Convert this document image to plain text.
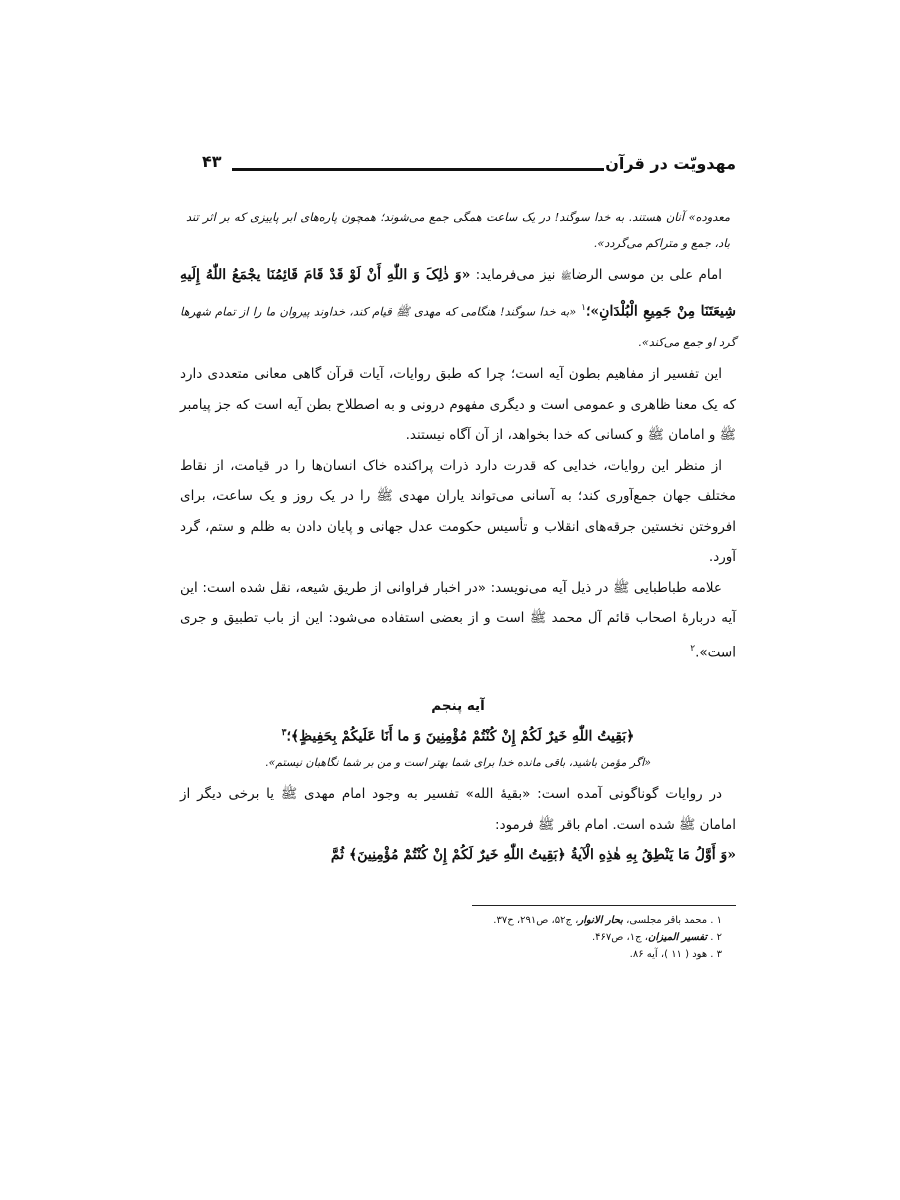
مهدویّت در قرآن
۴۳

معدوده» آنان هستند. به خدا سوگند! در یک ساعت همگی جمع می‌شوند؛ همچون پاره‌های ابر پاییزی که بر اثر تند باد، جمع و متراکم می‌گردد».

امام علی بن موسی الرضاﷺ نیز می‌فرماید: «وَ ذٰلِکَ وَ اللّٰهِ أَنْ لَوْ قَدْ قَامَ قَائِمُنَا یجْمَعُ اللّٰهُ إِلَیهِ شِیعَتَنَا مِنْ جَمِیعِ الْبُلْدَانِ»؛$^۱$ «به خدا سوگند! هنگامی که مهدی ﷺ قیام کند، خداوند پیروان ما را از تمام شهرها گرد او جمع می‌کند».

این تفسیر از مفاهیم بطون آیه است؛ چرا که طبق روایات، آیات قرآن گاهی معانی متعددی دارد که یک معنا ظاهری و عمومی است و دیگری مفهوم درونی و به اصطلاح بطن آیه است که جز پیامبر ﷺ و امامان ﷺ و کسانی که خدا بخواهد، از آن آگاه نیستند.

از منظر این روایات، خدایی که قدرت دارد ذرات پراکنده خاک انسان‌ها را در قیامت، از نقاط مختلف جهان جمع‌آوری کند؛ به آسانی می‌تواند یاران مهدی ﷺ را در یک روز و یک ساعت، برای افروختن نخستین جرقه‌های انقلاب و تأسیس حکومت عدل جهانی و پایان دادن به ظلم و ستم، گرد آورد.

علامه طباطبایی ﷺ در ذیل آیه می‌نویسد: «در اخبار فراوانی از طریق شیعه، نقل شده است: این آیه دربارهٔ اصحاب قائم آل محمد ﷺ است و از بعضی استفاده می‌شود: این از باب تطبیق و جری است».$^۲$

آیه پنجم

﴿بَقِیتُ اللّٰهِ خَیرٌ لَکُمْ إِنْ کُنْتُمْ مُؤْمِنِینَ وَ ما أَنَا عَلَیکُمْ بِحَفِیظٍ﴾؛$^۳$

«اگر مؤمن باشید، باقی مانده خدا برای شما بهتر است و من بر شما نگاهبان نیستم».

در روایات گوناگونی آمده است: «بقیهٔ الله» تفسیر به وجود امام مهدی ﷺ یا برخی دیگر از امامان ﷺ شده است. امام باقر ﷺ فرمود:

«وَ أَوَّلُ مَا یَنْطِقُ بِهِ هٰذِهِ الْآیةُ ﴿بَقِیتُ اللّٰهِ خَیرٌ لَکُمْ إِنْ کُنْتُمْ مُؤْمِنِینَ﴾ ثُمَّ

۱ . محمد باقر مجلسی، بحار الانوار، ج۵۲، ص۲۹۱، ح۳۷.
۲ . تفسیر المیزان، ج۱، ص۴۶۷.
۳ . هود ( ۱۱ )، آیه ۸۶.
